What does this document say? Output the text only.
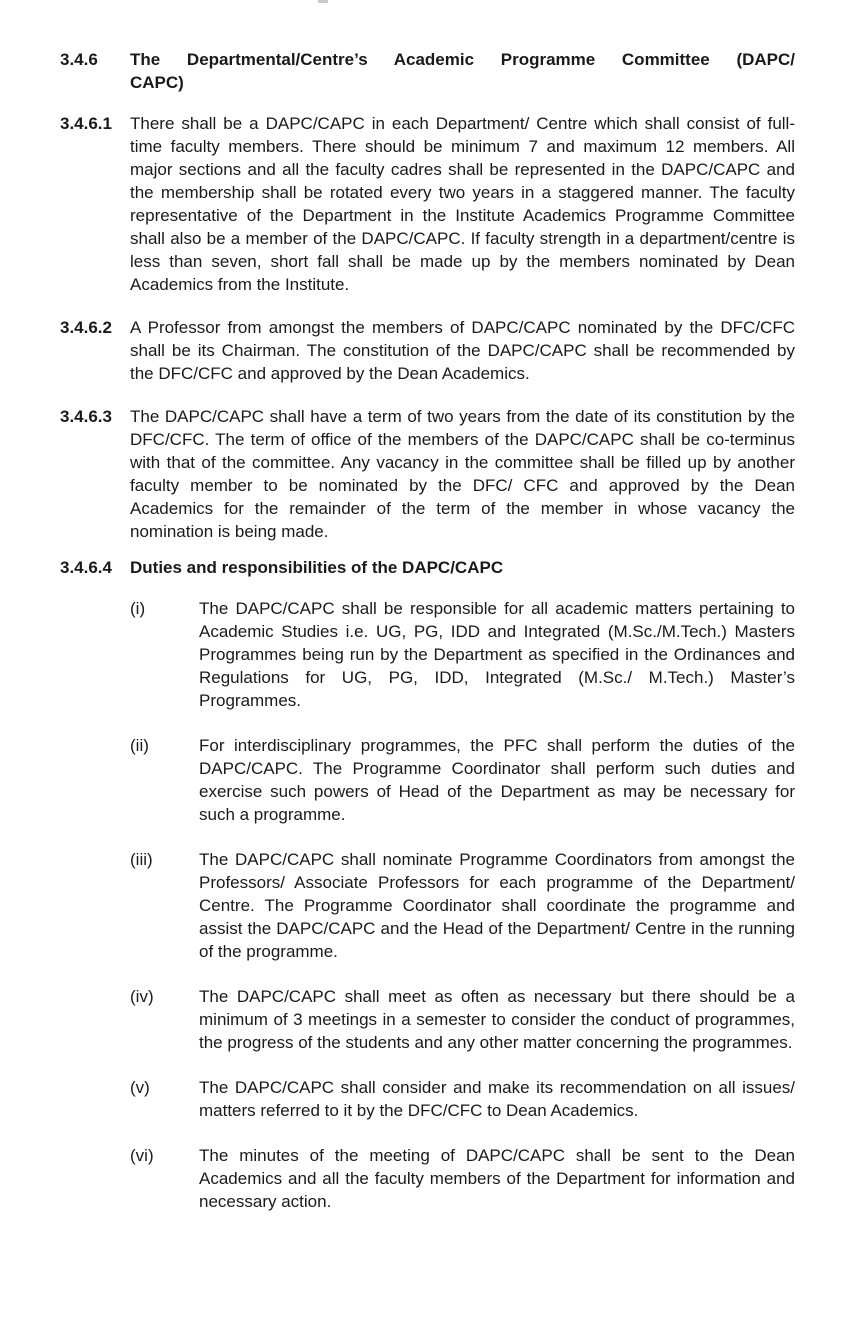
3.4.6	The Departmental/Centre’s Academic Programme Committee (DAPC/
CAPC)
3.4.6.1	There shall be a DAPC/CAPC in each Department/ Centre which shall consist of full-time faculty members. There should be minimum 7 and maximum 12 members. All major sections and all the faculty cadres shall be represented in the DAPC/CAPC and the membership shall be rotated every two years in a staggered manner. The faculty representative of the Department in the Institute Academics Programme Committee shall also be a member of the DAPC/CAPC. If faculty strength in a department/centre is less than seven, short fall shall be made up by the members nominated by Dean Academics from the Institute.

3.4.6.2	A Professor from amongst the members of DAPC/CAPC nominated by the DFC/CFC shall be its Chairman. The constitution of the DAPC/CAPC shall be recommended by the DFC/CFC and approved by the Dean Academics.

3.4.6.3	The DAPC/CAPC shall have a term of two years from the date of its constitution by the DFC/CFC. The term of office of the members of the DAPC/CAPC shall be co-terminus with that of the committee. Any vacancy in the committee shall be filled up by another faculty member to be nominated by the DFC/ CFC and approved by the Dean Academics for the remainder of the term of the member in whose vacancy the nomination is being made.

3.4.6.4	Duties and responsibilities of the DAPC/CAPC
(i)	The DAPC/CAPC shall be responsible for all academic matters pertaining to Academic Studies i.e. UG, PG, IDD and Integrated (M.Sc./M.Tech.) Masters Programmes being run by the Department as specified in the Ordinances and Regulations for UG, PG, IDD, Integrated (M.Sc./ M.Tech.) Master’s Programmes.

(ii)	For interdisciplinary programmes, the PFC shall perform the duties of the DAPC/CAPC. The Programme Coordinator shall perform such duties and exercise such powers of Head of the Department as may be necessary for such a programme.

(iii)	The DAPC/CAPC shall nominate Programme Coordinators from amongst the Professors/ Associate Professors for each programme of the Department/ Centre. The Programme Coordinator shall coordinate the programme and assist the DAPC/CAPC and the Head of the Department/ Centre in the running of the programme.

(iv)	The DAPC/CAPC shall meet as often as necessary but there should be a minimum of 3 meetings in a semester to consider the conduct of programmes, the progress of the students and any other matter concerning the programmes.

(v)	The DAPC/CAPC shall consider and make its recommendation on all issues/ matters referred to it by the DFC/CFC to Dean Academics.

(vi)	The minutes of the meeting of DAPC/CAPC shall be sent to the Dean Academics and all the faculty members of the Department for information and necessary action.
